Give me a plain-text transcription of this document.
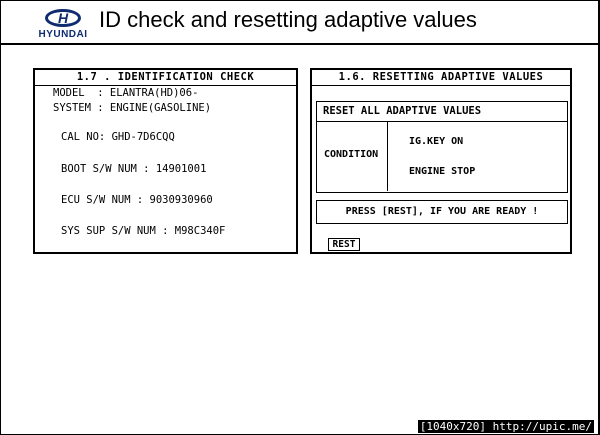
H
HYUNDAI
ID check and resetting adaptive values
1.7 . IDENTIFICATION CHECK
MODEL  : ELANTRA(HD)06-
SYSTEM : ENGINE(GASOLINE)
CAL NO: GHD-7D6CQQ
BOOT S/W NUM : 14901001
ECU S/W NUM : 9030930960
SYS SUP S/W NUM : M98C340F
1.6. RESETTING ADAPTIVE VALUES
RESET ALL ADAPTIVE VALUES
CONDITION
IG.KEY ON
ENGINE STOP
PRESS [REST], IF YOU ARE READY !
REST
[1040x720] http://upic.me/
